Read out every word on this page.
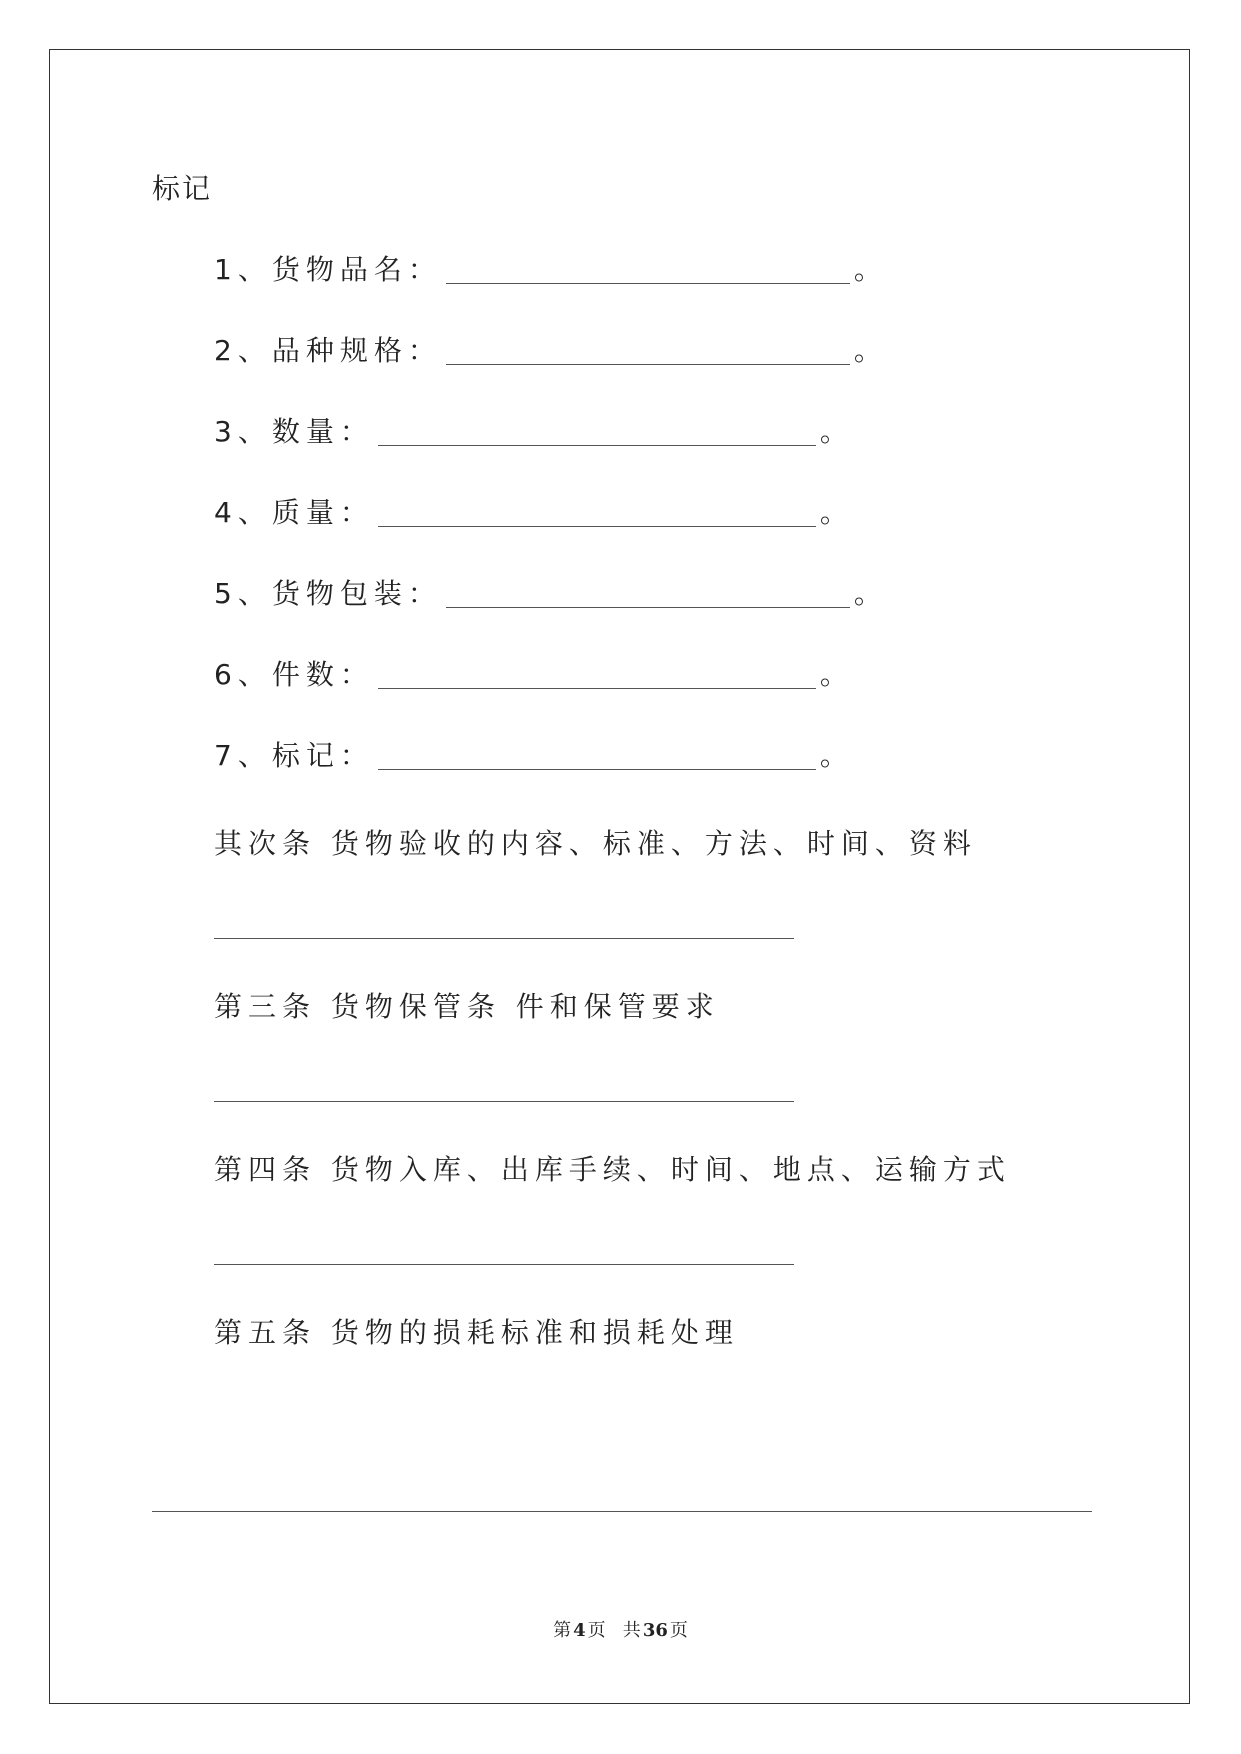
标记
1、货物品名：	。
2、品种规格：	。
3、数量：	。
4、质量：	。
5、货物包装：	。
6、件数：	。
7、标记：	。
其次条 货物验收的内容、标准、方法、时间、资料
第三条 货物保管条 件和保管要求
第四条 货物入库、出库手续、时间、地点、运输方式
第五条 货物的损耗标准和损耗处理
第 4 页   共 36 页
